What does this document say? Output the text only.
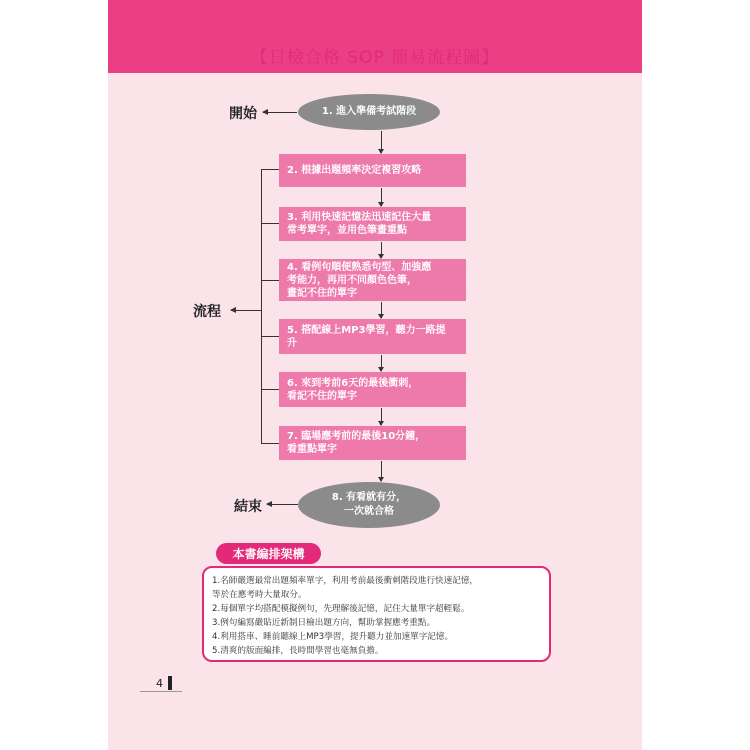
【日檢合格 SOP 簡易流程圖】
開始
流程
結束
1. 進入準備考試階段
2. 根據出題頻率決定複習攻略
3. 利用快速記憶法迅速記住大量
常考單字，並用色筆畫重點
4. 看例句順便熟悉句型、加強應
考能力，再用不同顏色色筆，
畫記不住的單字
5. 搭配線上MP3學習，聽力一路提
升
6. 來到考前6天的最後衝刺，
看記不住的單字
7. 臨場應考前的最後10分鐘，
看重點單字
8. 有看就有分，
一次就合格
本書編排架構
1.名師嚴選最常出題頻率單字，利用考前最後衝刺階段進行快速記憶，
等於在應考時大量取分。
2.每個單字均搭配模擬例句，先理解後記憶，記住大量單字超輕鬆。
3.例句編寫嚴貼近新制日檢出題方向，幫助掌握應考重點。
4.利用搭車、睡前聽線上MP3學習，提升聽力並加速單字記憶。
5.清爽的版面編排，長時間學習也毫無負擔。
4
